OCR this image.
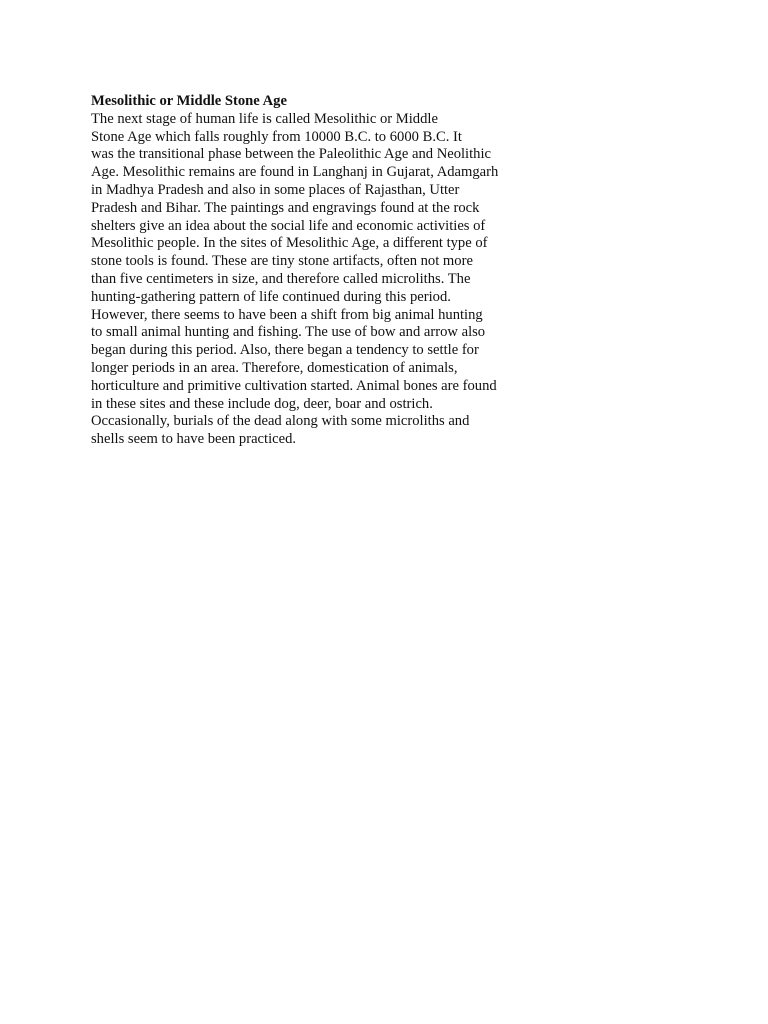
Mesolithic or Middle Stone Age
The next stage of human life is called Mesolithic or Middle
Stone Age which falls roughly from 10000 B.C. to 6000 B.C. It
was the transitional phase between the Paleolithic Age and Neolithic
Age. Mesolithic remains are found in Langhanj in Gujarat, Adamgarh
in Madhya Pradesh and also in some places of Rajasthan, Utter
Pradesh and Bihar. The paintings and engravings found at the rock
shelters give an idea about the social life and economic activities of
Mesolithic people. In the sites of Mesolithic Age, a different type of
stone tools is found. These are tiny stone artifacts, often not more
than five centimeters in size, and therefore called microliths. The
hunting-gathering pattern of life continued during this period.
However, there seems to have been a shift from big animal hunting
to small animal hunting and fishing. The use of bow and arrow also
began during this period. Also, there began a tendency to settle for
longer periods in an area. Therefore, domestication of animals,
horticulture and primitive cultivation started. Animal bones are found
in these sites and these include dog, deer, boar and ostrich.
Occasionally, burials of the dead along with some microliths and
shells seem to have been practiced.
